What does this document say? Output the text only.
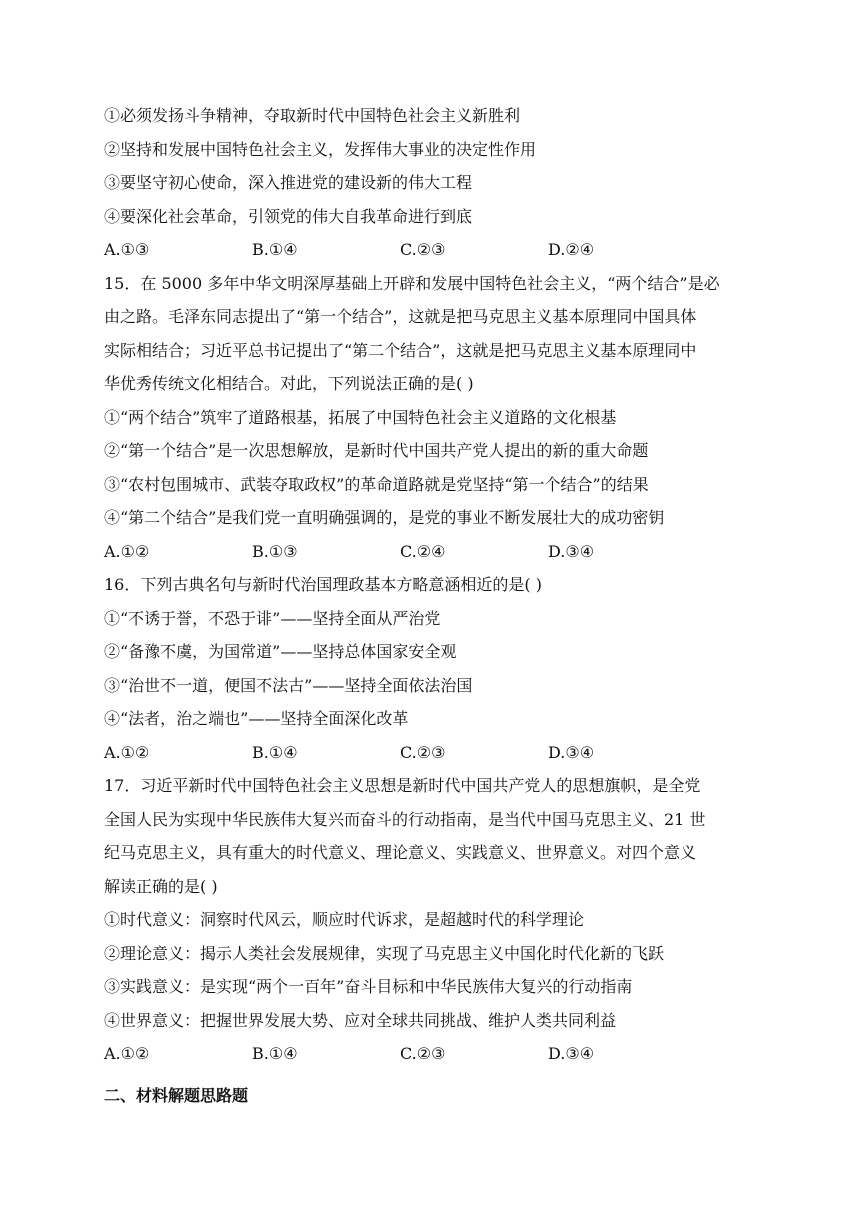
①必须发扬斗争精神，夺取新时代中国特色社会主义新胜利
②坚持和发展中国特色社会主义，发挥伟大事业的决定性作用
③要坚守初心使命，深入推进党的建设新的伟大工程
④要深化社会革命，引领党的伟大自我革命进行到底
A.①③	B.①④	C.②③	D.②④
15．在 5000 多年中华文明深厚基础上开辟和发展中国特色社会主义，“两个结合”是必
由之路。毛泽东同志提出了“第一个结合”，这就是把马克思主义基本原理同中国具体
实际相结合；习近平总书记提出了“第二个结合”，这就是把马克思主义基本原理同中
华优秀传统文化相结合。对此，下列说法正确的是( )
①“两个结合”筑牢了道路根基，拓展了中国特色社会主义道路的文化根基
②“第一个结合”是一次思想解放，是新时代中国共产党人提出的新的重大命题
③“农村包围城市、武装夺取政权”的革命道路就是党坚持“第一个结合”的结果
④“第二个结合”是我们党一直明确强调的，是党的事业不断发展壮大的成功密钥
A.①②	B.①③	C.②④	D.③④
16．下列古典名句与新时代治国理政基本方略意涵相近的是( )
①“不诱于誉，不恐于诽”——坚持全面从严治党
②“备豫不虞，为国常道”——坚持总体国家安全观
③“治世不一道，便国不法古”——坚持全面依法治国
④“法者，治之端也”——坚持全面深化改革
A.①②	B.①④	C.②③	D.③④
17．习近平新时代中国特色社会主义思想是新时代中国共产党人的思想旗帜，是全党
全国人民为实现中华民族伟大复兴而奋斗的行动指南，是当代中国马克思主义、21 世
纪马克思主义，具有重大的时代意义、理论意义、实践意义、世界意义。对四个意义
解读正确的是( )
①时代意义：洞察时代风云，顺应时代诉求，是超越时代的科学理论
②理论意义：揭示人类社会发展规律，实现了马克思主义中国化时代化新的飞跃
③实践意义：是实现“两个一百年”奋斗目标和中华民族伟大复兴的行动指南
④世界意义：把握世界发展大势、应对全球共同挑战、维护人类共同利益
A.①②	B.①④	C.②③	D.③④
二、材料解题思路题
